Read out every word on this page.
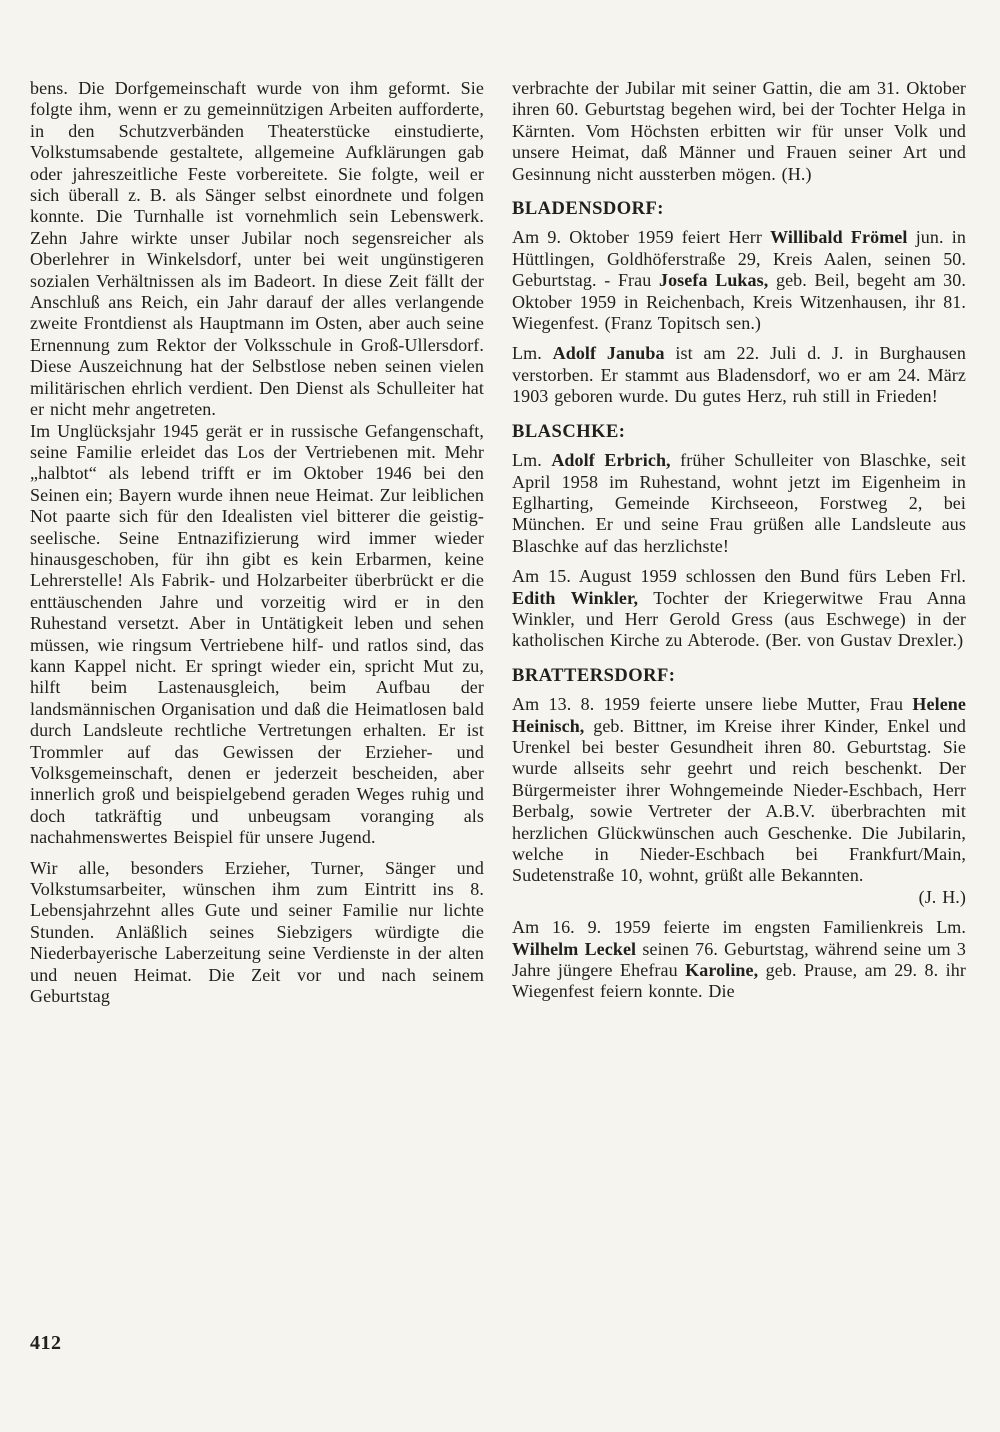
bens. Die Dorfgemeinschaft wurde von ihm geformt. Sie folgte ihm, wenn er zu gemeinnützigen Arbeiten aufforderte, in den Schutzverbänden Theaterstücke einstudierte, Volkstumsabende gestaltete, allgemeine Aufklärungen gab oder jahreszeitliche Feste vorbereitete. Sie folgte, weil er sich überall z. B. als Sänger selbst einordnete und folgen konnte. Die Turnhalle ist vornehmlich sein Lebenswerk. Zehn Jahre wirkte unser Jubilar noch segensreicher als Oberlehrer in Winkelsdorf, unter bei weit ungünstigeren sozialen Verhältnissen als im Badeort. In diese Zeit fällt der Anschluß ans Reich, ein Jahr darauf der alles verlangende zweite Frontdienst als Hauptmann im Osten, aber auch seine Ernennung zum Rektor der Volksschule in Groß-Ullersdorf. Diese Auszeichnung hat der Selbstlose neben seinen vielen militärischen ehrlich verdient. Den Dienst als Schulleiter hat er nicht mehr angetreten.

Im Unglücksjahr 1945 gerät er in russische Gefangenschaft, seine Familie erleidet das Los der Vertriebenen mit. Mehr „halbtot“ als lebend trifft er im Oktober 1946 bei den Seinen ein; Bayern wurde ihnen neue Heimat. Zur leiblichen Not paarte sich für den Idealisten viel bitterer die geistig-seelische. Seine Entnazifizierung wird immer wieder hinausgeschoben, für ihn gibt es kein Erbarmen, keine Lehrerstelle! Als Fabrik- und Holzarbeiter überbrückt er die enttäuschenden Jahre und vorzeitig wird er in den Ruhestand versetzt. Aber in Untätigkeit leben und sehen müssen, wie ringsum Vertriebene hilf- und ratlos sind, das kann Kappel nicht. Er springt wieder ein, spricht Mut zu, hilft beim Lastenausgleich, beim Aufbau der landsmännischen Organisation und daß die Heimatlosen bald durch Landsleute rechtliche Vertretungen erhalten. Er ist Trommler auf das Gewissen der Erzieher- und Volksgemeinschaft, denen er jederzeit bescheiden, aber innerlich groß und beispielgebend geraden Weges ruhig und doch tatkräftig und unbeugsam voranging als nachahmenswertes Beispiel für unsere Jugend.

Wir alle, besonders Erzieher, Turner, Sänger und Volkstumsarbeiter, wünschen ihm zum Eintritt ins 8. Lebensjahrzehnt alles Gute und seiner Familie nur lichte Stunden. Anläßlich seines Siebzigers würdigte die Niederbayerische Laberzeitung seine Verdienste in der alten und neuen Heimat. Die Zeit vor und nach seinem Geburtstag

verbrachte der Jubilar mit seiner Gattin, die am 31. Oktober ihren 60. Geburtstag begehen wird, bei der Tochter Helga in Kärnten. Vom Höchsten erbitten wir für unser Volk und unsere Heimat, daß Männer und Frauen seiner Art und Gesinnung nicht aussterben mögen. (H.)

BLADENSDORF:

Am 9. Oktober 1959 feiert Herr Willibald Frömel jun. in Hüttlingen, Goldhöferstraße 29, Kreis Aalen, seinen 50. Geburtstag. - Frau Josefa Lukas, geb. Beil, begeht am 30. Oktober 1959 in Reichenbach, Kreis Witzenhausen, ihr 81. Wiegenfest. (Franz Topitsch sen.)

Lm. Adolf Januba ist am 22. Juli d. J. in Burghausen verstorben. Er stammt aus Bladensdorf, wo er am 24. März 1903 geboren wurde. Du gutes Herz, ruh still in Frieden!

BLASCHKE:

Lm. Adolf Erbrich, früher Schulleiter von Blaschke, seit April 1958 im Ruhestand, wohnt jetzt im Eigenheim in Eglharting, Gemeinde Kirchseeon, Forstweg 2, bei München. Er und seine Frau grüßen alle Landsleute aus Blaschke auf das herzlichste!

Am 15. August 1959 schlossen den Bund fürs Leben Frl. Edith Winkler, Tochter der Kriegerwitwe Frau Anna Winkler, und Herr Gerold Gress (aus Eschwege) in der katholischen Kirche zu Abterode. (Ber. von Gustav Drexler.)

BRATTERSDORF:

Am 13. 8. 1959 feierte unsere liebe Mutter, Frau Helene Heinisch, geb. Bittner, im Kreise ihrer Kinder, Enkel und Urenkel bei bester Gesundheit ihren 80. Geburtstag. Sie wurde allseits sehr geehrt und reich beschenkt. Der Bürgermeister ihrer Wohngemeinde Nieder-Eschbach, Herr Berbalg, sowie Vertreter der A.B.V. überbrachten mit herzlichen Glückwünschen auch Geschenke. Die Jubilarin, welche in Nieder-Eschbach bei Frankfurt/Main, Sudetenstraße 10, wohnt, grüßt alle Bekannten.

(J. H.)

Am 16. 9. 1959 feierte im engsten Familienkreis Lm. Wilhelm Leckel seinen 76. Geburtstag, während seine um 3 Jahre jüngere Ehefrau Karoline, geb. Prause, am 29. 8. ihr Wiegenfest feiern konnte. Die

412
